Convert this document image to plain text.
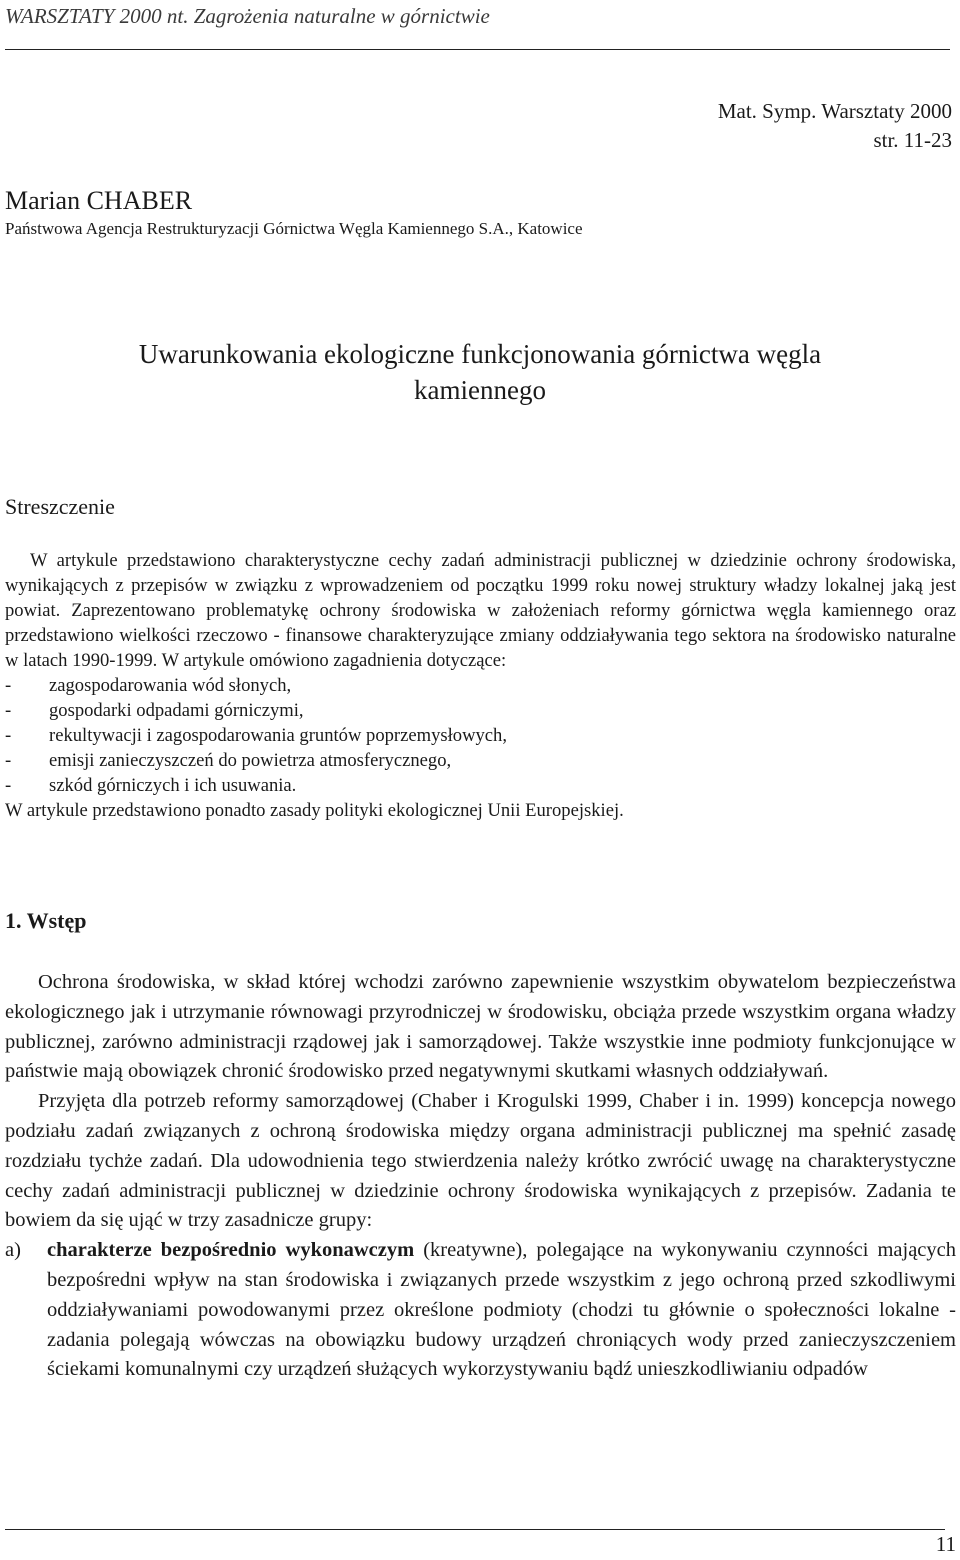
WARSZTATY 2000 nt. Zagrożenia naturalne w górnictwie
Mat. Symp. Warsztaty 2000
str. 11-23
Marian CHABER
Państwowa Agencja Restrukturyzacji Górnictwa Węgla Kamiennego S.A., Katowice
Uwarunkowania ekologiczne funkcjonowania górnictwa węgla
kamiennego
Streszczenie

W artykule przedstawiono charakterystyczne cechy zadań administracji publicznej w dziedzinie ochrony środowiska, wynikających z przepisów w związku z wprowadzeniem od początku 1999 roku nowej struktury władzy lokalnej jaką jest powiat. Zaprezentowano problematykę ochrony środowiska w założeniach reformy górnictwa węgla kamiennego oraz przedstawiono wielkości rzeczowo - finansowe charakteryzujące zmiany oddziaływania tego sektora na środowisko naturalne w latach 1990-1999. W artykule omówiono zagadnienia dotyczące:

- zagospodarowania wód słonych,
- gospodarki odpadami górniczymi,
- rekultywacji i zagospodarowania gruntów poprzemysłowych,
- emisji zanieczyszczeń do powietrza atmosferycznego,
- szkód górniczych i ich usuwania.

W artykule przedstawiono ponadto zasady polityki ekologicznej Unii Europejskiej.

1. Wstęp

Ochrona środowiska, w skład której wchodzi zarówno zapewnienie wszystkim obywatelom bezpieczeństwa ekologicznego jak i utrzymanie równowagi przyrodniczej w środowisku, obciąża przede wszystkim organa władzy publicznej, zarówno administracji rządowej jak i samorządowej. Także wszystkie inne podmioty funkcjonujące w państwie mają obowiązek chronić środowisko przed negatywnymi skutkami własnych oddziaływań.

Przyjęta dla potrzeb reformy samorządowej (Chaber i Krogulski 1999, Chaber i in. 1999) koncepcja nowego podziału zadań związanych z ochroną środowiska między organa administracji publicznej ma spełnić zasadę rozdziału tychże zadań. Dla udowodnienia tego stwierdzenia należy krótko zwrócić uwagę na charakterystyczne cechy zadań administracji publicznej w dziedzinie ochrony środowiska wynikających z przepisów. Zadania te bowiem da się ująć w trzy zasadnicze grupy:

a) charakterze bezpośrednio wykonawczym (kreatywne), polegające na wykonywaniu czynności mających bezpośredni wpływ na stan środowiska i związanych przede wszystkim z jego ochroną przed szkodliwymi oddziaływaniami powodowanymi przez określone podmioty (chodzi tu głównie o społeczności lokalne - zadania polegają wówczas na obowiązku budowy urządzeń chroniących wody przed zanieczyszczeniem ściekami komunalnymi czy urządzeń służących wykorzystywaniu bądź unieszkodliwianiu odpadów
11
